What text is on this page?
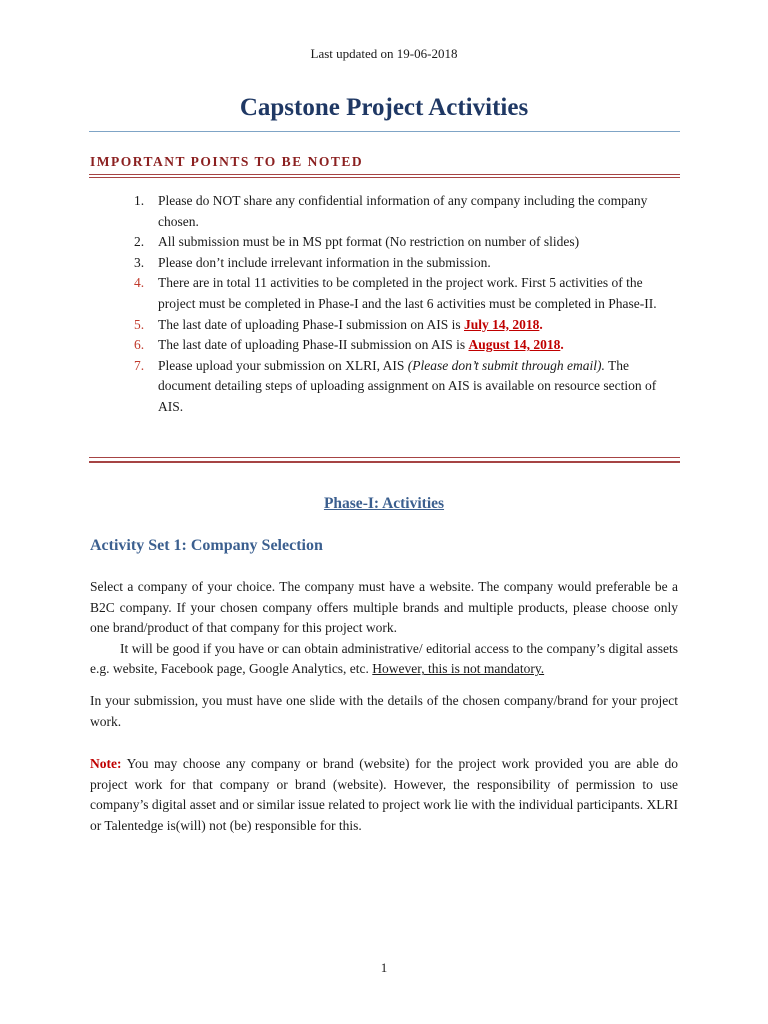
Last updated on 19-06-2018
Capstone Project Activities
IMPORTANT POINTS TO BE NOTED
1. Please do NOT share any confidential information of any company including the company chosen.
2. All submission must be in MS ppt format (No restriction on number of slides)
3. Please don’t include irrelevant information in the submission.
4. There are in total 11 activities to be completed in the project work. First 5 activities of the project must be completed in Phase-I and the last 6 activities must be completed in Phase-II.
5. The last date of uploading Phase-I submission on AIS is July 14, 2018.
6. The last date of uploading Phase-II submission on AIS is August 14, 2018.
7. Please upload your submission on XLRI, AIS (Please don’t submit through email). The document detailing steps of uploading assignment on AIS is available on resource section of AIS.
Phase-I: Activities
Activity Set 1: Company Selection
Select a company of your choice. The company must have a website. The company would preferable be a B2C company. If your chosen company offers multiple brands and multiple products, please choose only one brand/product of that company for this project work.
It will be good if you have or can obtain administrative/ editorial access to the company’s digital assets e.g. website, Facebook page, Google Analytics, etc. However, this is not mandatory.
In your submission, you must have one slide with the details of the chosen company/brand for your project work.
Note: You may choose any company or brand (website) for the project work provided you are able do project work for that company or brand (website). However, the responsibility of permission to use company’s digital asset and or similar issue related to project work lie with the individual participants. XLRI or Talentedge is(will) not (be) responsible for this.
1
